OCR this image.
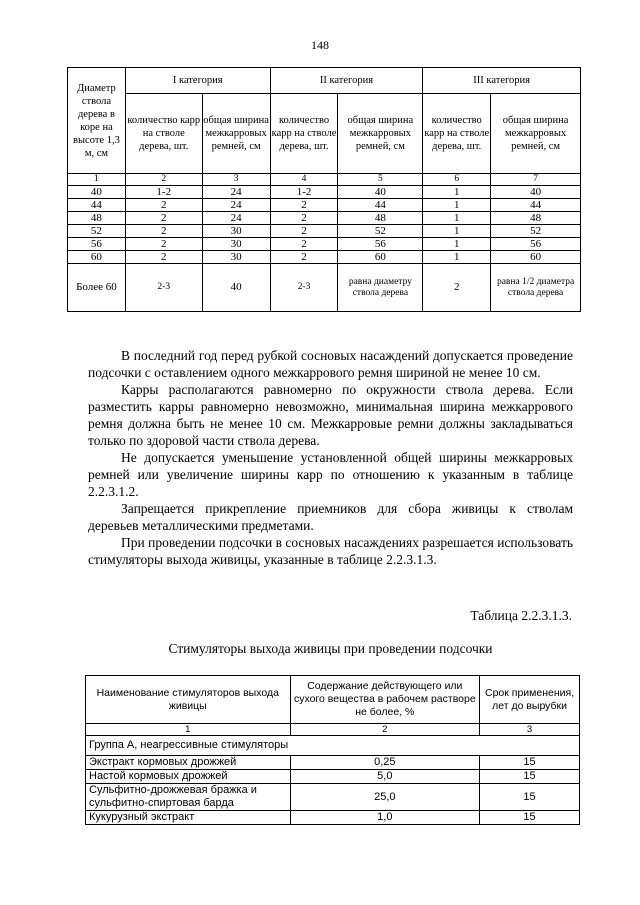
148
Диаметр ствола дерева в коре на высоте 1,3 м, см	I категория		II категория		III категория	
	количество карр на стволе дерева, шт.	общая ширина межкарровых ремней, см	количество карр на стволе дерева, шт.	общая ширина межкарровых ремней, см	количество карр на стволе дерева, шт.	общая ширина межкарровых ремней, см
1	2	3	4	5	6	7
40	1-2	24	1-2	40	1	40
44	2	24	2	44	1	44
48	2	24	2	48	1	48
52	2	30	2	52	1	52
56	2	30	2	56	1	56
60	2	30	2	60	1	60
Более 60	2-3	40	2-3	равна диаметру ствола дерева	2	равна 1/2 диаметра ствола дерева

В последний год перед рубкой сосновых насаждений допускается проведение подсочки с оставлением одного межкаррового ремня шириной не менее 10 см.

Карры располагаются равномерно по окружности ствола дерева. Если разместить карры равномерно невозможно, минимальная ширина межкаррового ремня должна быть не менее 10 см. Межкарровые ремни должны закладываться только по здоровой части ствола дерева.

Не допускается уменьшение установленной общей ширины межкарровых ремней или увеличение ширины карр по отношению к указанным в таблице 2.2.3.1.2.

Запрещается прикрепление приемников для сбора живицы к стволам деревьев металлическими предметами.

При проведении подсочки в сосновых насаждениях разрешается использовать стимуляторы выхода живицы, указанные в таблице 2.2.3.1.3.

Таблица 2.2.3.1.3.
Стимуляторы выхода живицы при проведении подсочки
Наименование стимуляторов выхода живицы	Содержание действующего или сухого вещества в рабочем растворе не более, %	Срок применения, лет до вырубки
1	2	3
Группа А, неагрессивные стимуляторы		
Экстракт кормовых дрожжей	0,25	15
Настой кормовых дрожжей	5,0	15
Сульфитно-дрожжевая бражка и сульфитно-спиртовая барда	25,0	15
Кукурузный экстракт	1,0	15
